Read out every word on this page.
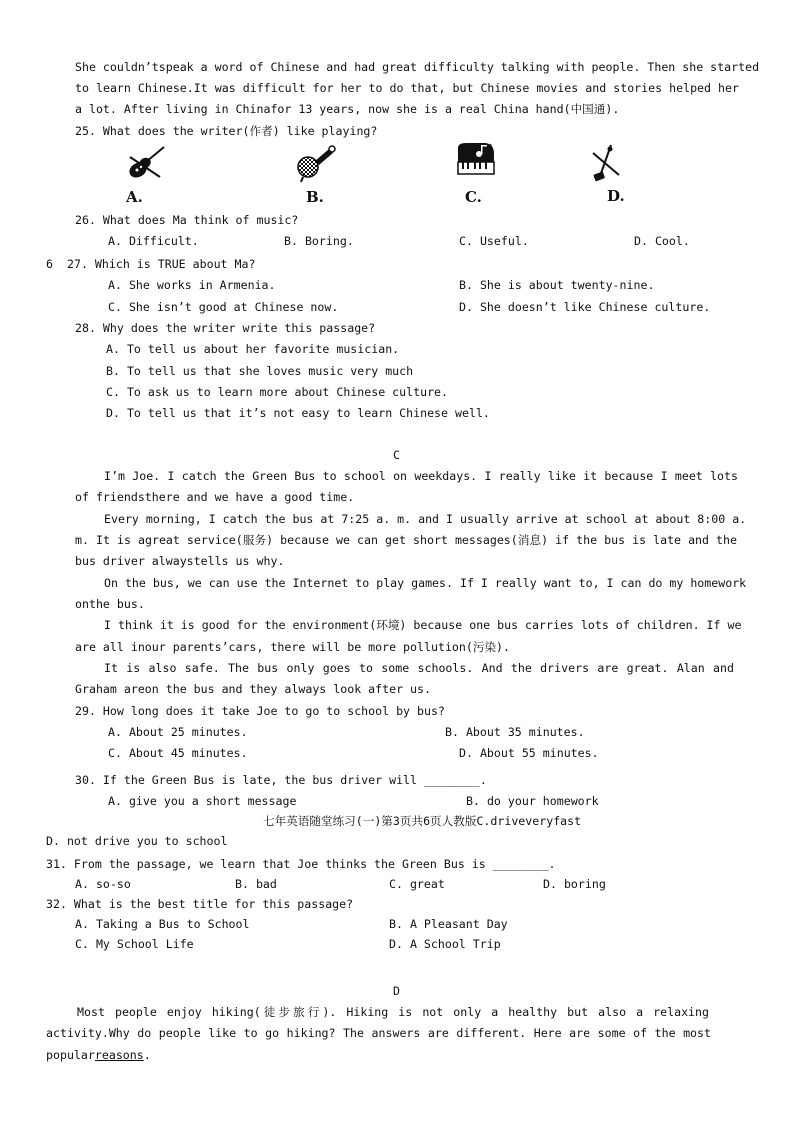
She couldn’tspeak a word of Chinese and had great difficulty talking with people. Then she started
to learn Chinese.It was difficult for her to do that, but Chinese movies and stories helped her
a lot. After living in Chinafor 13 years, now she is a real China hand(中国通).
25. What does the writer(作者) like playing?
♪
A.	B.	C.	D.
26. What does Ma think of music?
A. Difficult.	B. Boring.	C. Useful.	D. Cool.
6 27. Which is TRUE about Ma?
A. She works in Armenia.	B. She is about twenty-nine.
C. She isn’t good at Chinese now.	D. She doesn’t like Chinese culture.
28. Why does the writer write this passage?
A. To tell us about her favorite musician.
B. To tell us that she loves music very much
C. To ask us to learn more about Chinese culture.
D. To tell us that it’s not easy to learn Chinese well.
C
I’m Joe. I catch the Green Bus to school on weekdays. I really like it because I meet lots
of friendsthere and we have a good time.
Every morning, I catch the bus at 7:25 a. m. and I usually arrive at school at about 8:00 a.
m. It is agreat service(服务) because we can get short messages(消息) if the bus is late and the
bus driver alwaystells us why.
On the bus, we can use the Internet to play games. If I really want to, I can do my homework
onthe bus.
I think it is good for the environment(环境) because one bus carries lots of children. If we
are all inour parents’cars, there will be more pollution(污染).
It is also safe. The bus only goes to some schools. And the drivers are great. Alan and
Graham areon the bus and they always look after us.
29. How long does it take Joe to go to school by bus?
A. About 25 minutes.	B. About 35 minutes.
C. About 45 minutes.	D. About 55 minutes.
30. If the Green Bus is late, the bus driver will ________.
A. give you a short message	B. do your homework
七年英语随堂练习(一)第3页共6页人教版C.driveveryfast
D. not drive you to school
31. From the passage, we learn that Joe thinks the Green Bus is ________.
A. so-so	B. bad	C. great	D. boring
32. What is the best title for this passage?
A. Taking a Bus to School	B. A Pleasant Day
C. My School Life	D. A School Trip
D
Most people enjoy hiking(徒步旅行). Hiking is not only a healthy but also a relaxing
activity.Why do people like to go hiking? The answers are different. Here are some of the most
popularreasons.
